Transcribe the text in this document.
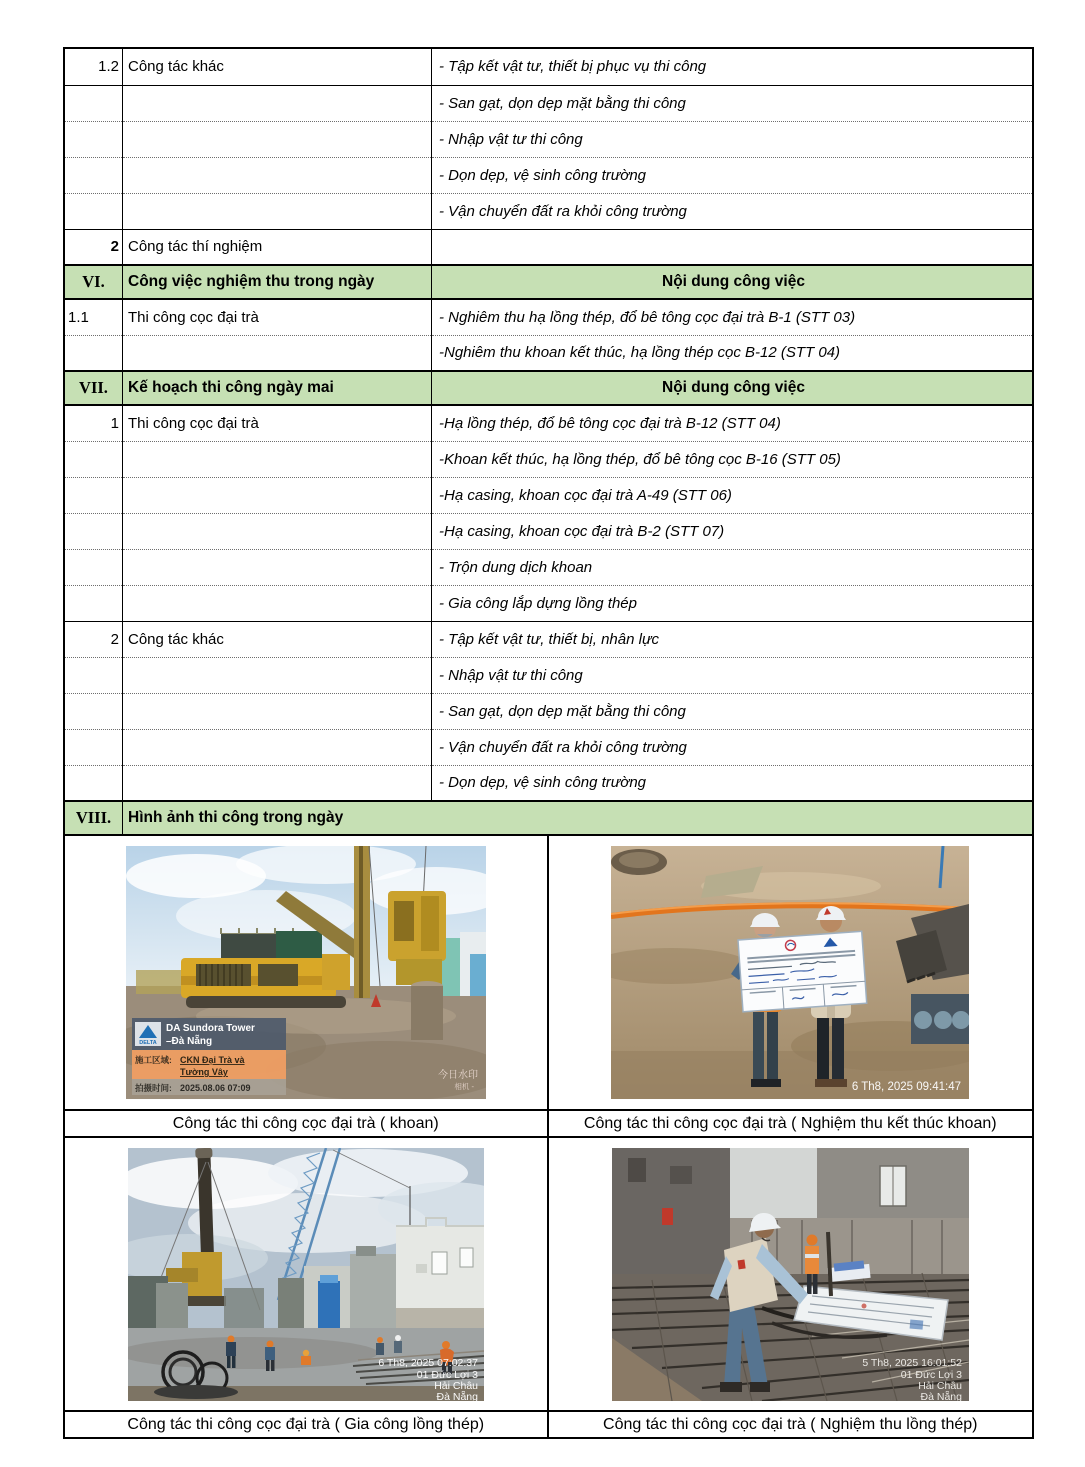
1.2	Công tác khác	- Tập kết vật tư, thiết bị phục vụ thi công
		- San gạt, dọn dẹp mặt bằng thi công
		- Nhập vật tư thi công
		- Dọn dẹp, vệ sinh công trường
		- Vận chuyển đất ra khỏi công trường
2	Công tác thí nghiệm	
VI.	Công việc nghiệm thu trong ngày	Nội dung công việc
1.1	Thi công cọc đại trà	- Nghiêm thu hạ lồng thép, đổ bê tông cọc đại trà B-1 (STT 03)
		-Nghiêm thu khoan kết thúc, hạ lồng thép cọc B-12 (STT 04)
VII.	Kế hoạch thi công ngày mai	Nội dung công việc
1	Thi công cọc đại trà	-Hạ lồng thép, đổ bê tông cọc đại trà B-12 (STT 04)
		-Khoan kết thúc, hạ lồng thép, đổ bê tông cọc B-16 (STT 05)
		-Hạ casing, khoan cọc đại trà A-49 (STT 06)
		-Hạ casing, khoan cọc đại trà B-2 (STT 07)
		- Trộn dung dịch khoan
		- Gia công lắp dựng lồng thép
2	Công tác khác	- Tập kết vật tư, thiết bị, nhân lực
		- Nhập vật tư thi công
		- San gạt, dọn dẹp mặt bằng thi công
		- Vận chuyển đất ra khỏi công trường
		- Dọn dẹp, vệ sinh công trường
VIII.	Hình ảnh thi công trong ngày	
DELTA
DA Sundora Tower
–Đà Nẵng
施工区域: CKN Đại Trà và
Tường Vây
拍摄时间: 2025.08.06 07:09
今日水印
相机 -	6 Th8, 2025 09:41:47
Công tác thi công cọc đại trà ( khoan)	Công tác thi công cọc đại trà ( Nghiệm thu kết thúc khoan)
6 Th8, 2025 07:02:37
01 Đức Lợi 3
Hải Châu
Đà Nẵng
5 Th8, 2025 16:01:52
01 Đức Lợi 3
Hải Châu
Đà Nẵng
Công tác thi công cọc đại trà ( Gia công lồng thép)	Công tác thi công cọc đại trà ( Nghiệm thu lồng thép)
